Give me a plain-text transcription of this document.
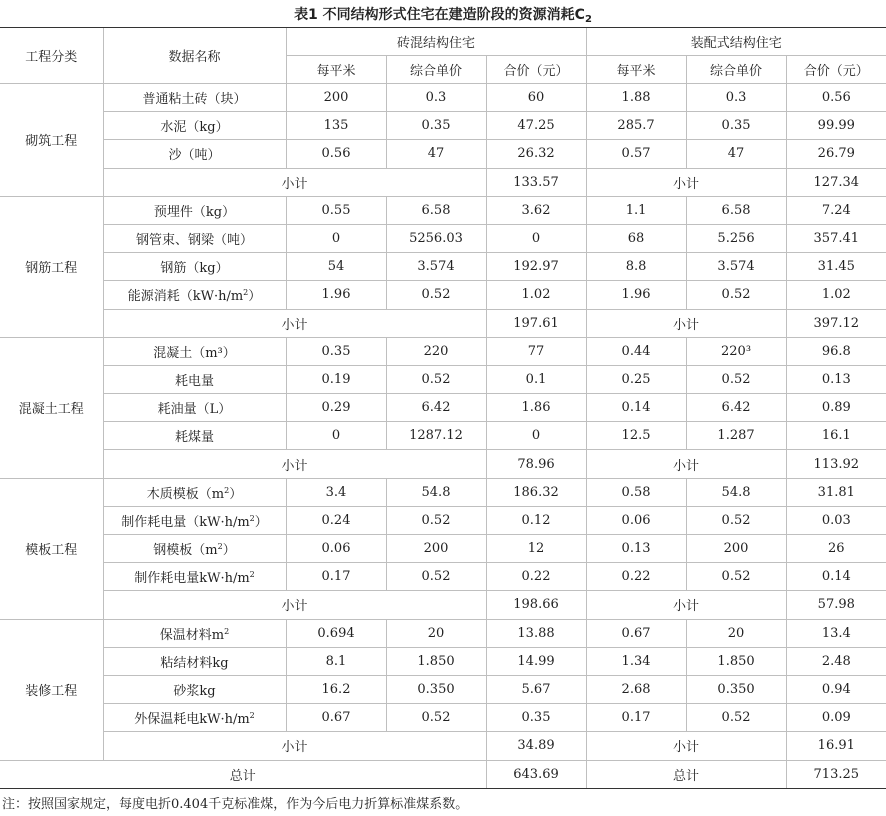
表1 不同结构形式住宅在建造阶段的资源消耗$C_2$
工程分类	数据名称	砖混结构住宅			装配式结构住宅		
		每平米	综合单价	合价（元）	每平米	综合单价	合价（元）
砌筑工程	普通粘土砖（块）	200	0.3	60	1.88	0.3	0.56
	水泥（kg）	135	0.35	47.25	285.7	0.35	99.99
	沙（吨）	0.56	47	26.32	0.57	47	26.79
	小计			133.57	小计		127.34
钢筋工程	预埋件（kg）	0.55	6.58	3.62	1.1	6.58	7.24
	钢管束、钢梁（吨）	0	5256.03	0	68	5.256	357.41
	钢筋（kg）	54	3.574	192.97	8.8	3.574	31.45
	能源消耗$(kW\cdot h/m^2)$	1.96	0.52	1.02	1.96	0.52	1.02
	小计			197.61	小计		397.12
混凝土工程	混凝土（m³）	0.35	220	77	0.44	220³	96.8
	耗电量	0.19	0.52	0.1	0.25	0.52	0.13
	耗油量（L）	0.29	6.42	1.86	0.14	6.42	0.89
	耗煤量	0	1287.12	0	12.5	1.287	16.1
	小计			78.96	小计		113.92
模板工程	木质模板$(m^2)$	3.4	54.8	186.32	0.58	54.8	31.81
	制作耗电量$(kW\cdot h/m^2)$	0.24	0.52	0.12	0.06	0.52	0.03
	钢模板$(m^2)$	0.06	200	12	0.13	200	26
	制作耗电量$kW\cdot h/m^2$	0.17	0.52	0.22	0.22	0.52	0.14
	小计			198.66	小计		57.98
装修工程	保温材料$m^2$	0.694	20	13.88	0.67	20	13.4
	粘结材料kg	8.1	1.850	14.99	1.34	1.850	2.48
	砂浆kg	16.2	0.350	5.67	2.68	0.350	0.94
	外保温耗电$kW\cdot h/m^2$	0.67	0.52	0.35	0.17	0.52	0.09
	小计			34.89	小计		16.91
总计				643.69	总计		713.25
注：按照国家规定，每度电折0.404千克标准煤，作为今后电力折算标准煤系数。
